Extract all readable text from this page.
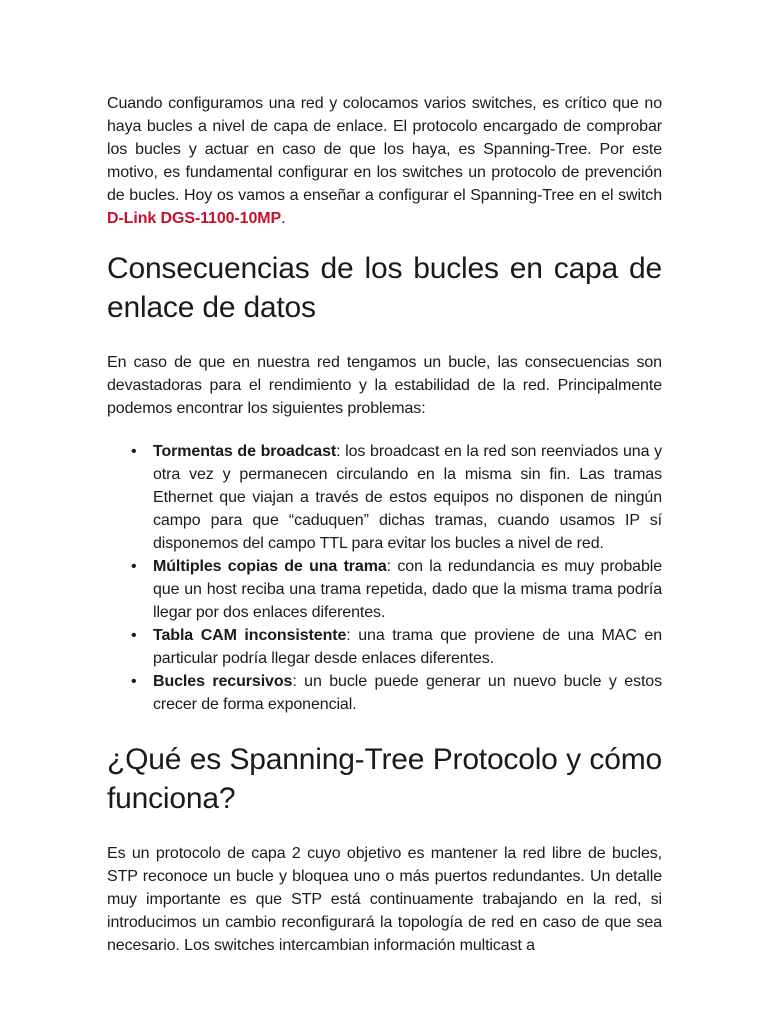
Cuando configuramos una red y colocamos varios switches, es crítico que no haya bucles a nivel de capa de enlace. El protocolo encargado de comprobar los bucles y actuar en caso de que los haya, es Spanning-Tree. Por este motivo, es fundamental configurar en los switches un protocolo de prevención de bucles. Hoy os vamos a enseñar a configurar el Spanning-Tree en el switch D-Link DGS-1100-10MP.

Consecuencias de los bucles en capa de enlace de datos

En caso de que en nuestra red tengamos un bucle, las consecuencias son devastadoras para el rendimiento y la estabilidad de la red. Principalmente podemos encontrar los siguientes problemas:

• Tormentas de broadcast: los broadcast en la red son reenviados una y otra vez y permanecen circulando en la misma sin fin. Las tramas Ethernet que viajan a través de estos equipos no disponen de ningún campo para que “caduquen” dichas tramas, cuando usamos IP sí disponemos del campo TTL para evitar los bucles a nivel de red.
• Múltiples copias de una trama: con la redundancia es muy probable que un host reciba una trama repetida, dado que la misma trama podría llegar por dos enlaces diferentes.
• Tabla CAM inconsistente: una trama que proviene de una MAC en particular podría llegar desde enlaces diferentes.
• Bucles recursivos: un bucle puede generar un nuevo bucle y estos crecer de forma exponencial.
¿Qué es Spanning-Tree Protocolo y cómo funciona?

Es un protocolo de capa 2 cuyo objetivo es mantener la red libre de bucles, STP reconoce un bucle y bloquea uno o más puertos redundantes. Un detalle muy importante es que STP está continuamente trabajando en la red, si introducimos un cambio reconfigurará la topología de red en caso de que sea necesario. Los switches intercambian información multicast a
